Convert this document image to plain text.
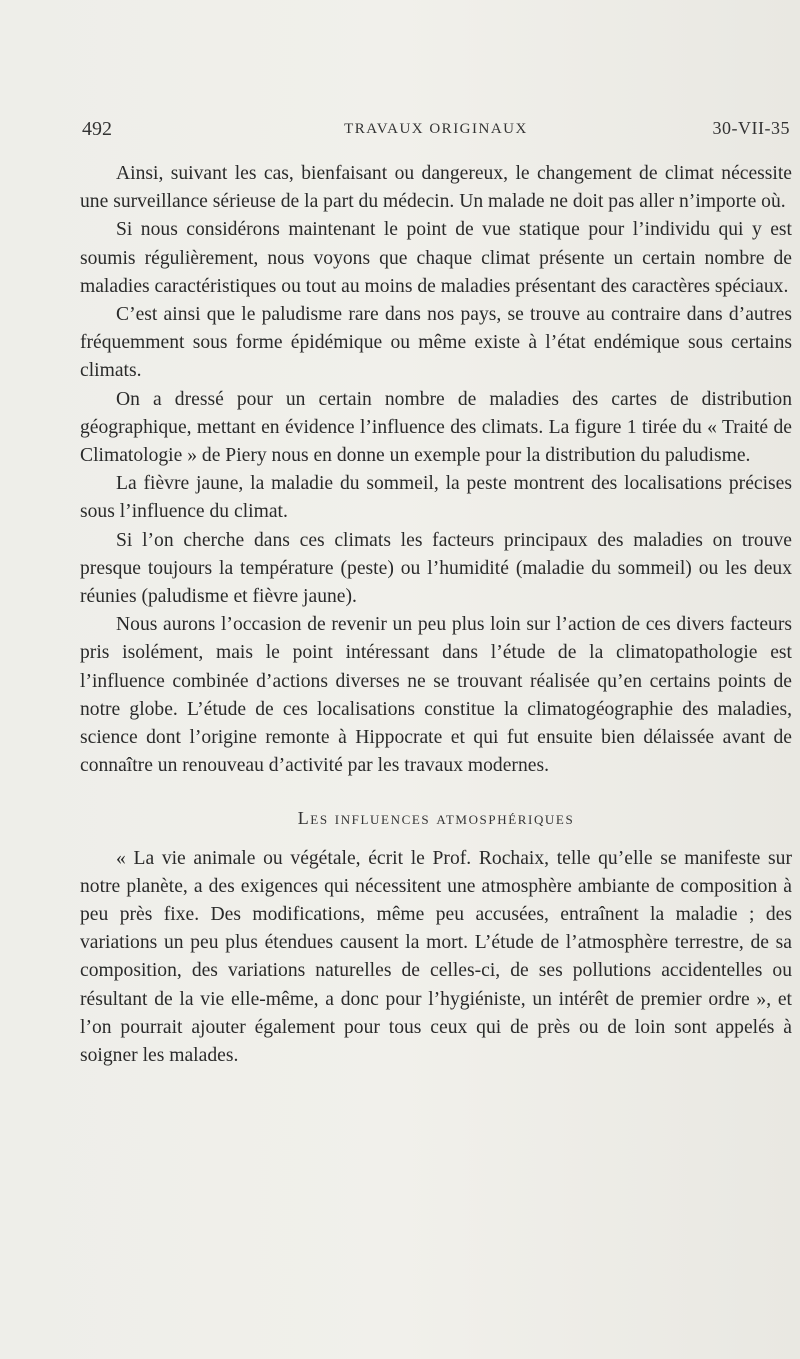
492	TRAVAUX ORIGINAUX	30-VII-35

Ainsi, suivant les cas, bienfaisant ou dangereux, le changement de climat nécessite une surveillance sérieuse de la part du médecin. Un malade ne doit pas aller n’importe où.

Si nous considérons maintenant le point de vue statique pour l’individu qui y est soumis régulièrement, nous voyons que chaque climat présente un certain nombre de maladies caractéristiques ou tout au moins de maladies présentant des caractères spéciaux.

C’est ainsi que le paludisme rare dans nos pays, se trouve au contraire dans d’autres fréquemment sous forme épidémique ou même existe à l’état endémique sous certains climats.

On a dressé pour un certain nombre de maladies des cartes de distribution géographique, mettant en évidence l’influence des climats. La figure 1 tirée du « Traité de Climatologie » de Piery nous en donne un exemple pour la distribution du paludisme.

La fièvre jaune, la maladie du sommeil, la peste montrent des localisations précises sous l’influence du climat.

Si l’on cherche dans ces climats les facteurs principaux des maladies on trouve presque toujours la température (peste) ou l’humidité (maladie du sommeil) ou les deux réunies (paludisme et fièvre jaune).

Nous aurons l’occasion de revenir un peu plus loin sur l’action de ces divers facteurs pris isolément, mais le point intéressant dans l’étude de la climatopathologie est l’influence combinée d’actions diverses ne se trouvant réalisée qu’en certains points de notre globe. L’étude de ces localisations constitue la climatogéographie des maladies, science dont l’origine remonte à Hippocrate et qui fut ensuite bien délaissée avant de connaître un renouveau d’activité par les travaux modernes.

Les influences atmosphériques

« La vie animale ou végétale, écrit le Prof. Rochaix, telle qu’elle se manifeste sur notre planète, a des exigences qui nécessitent une atmosphère ambiante de composition à peu près fixe. Des modifications, même peu accusées, entraînent la maladie ; des variations un peu plus étendues causent la mort. L’étude de l’atmosphère terrestre, de sa composition, des variations naturelles de celles-ci, de ses pollutions accidentelles ou résultant de la vie elle-même, a donc pour l’hygiéniste, un intérêt de premier ordre », et l’on pourrait ajouter également pour tous ceux qui de près ou de loin sont appelés à soigner les malades.
